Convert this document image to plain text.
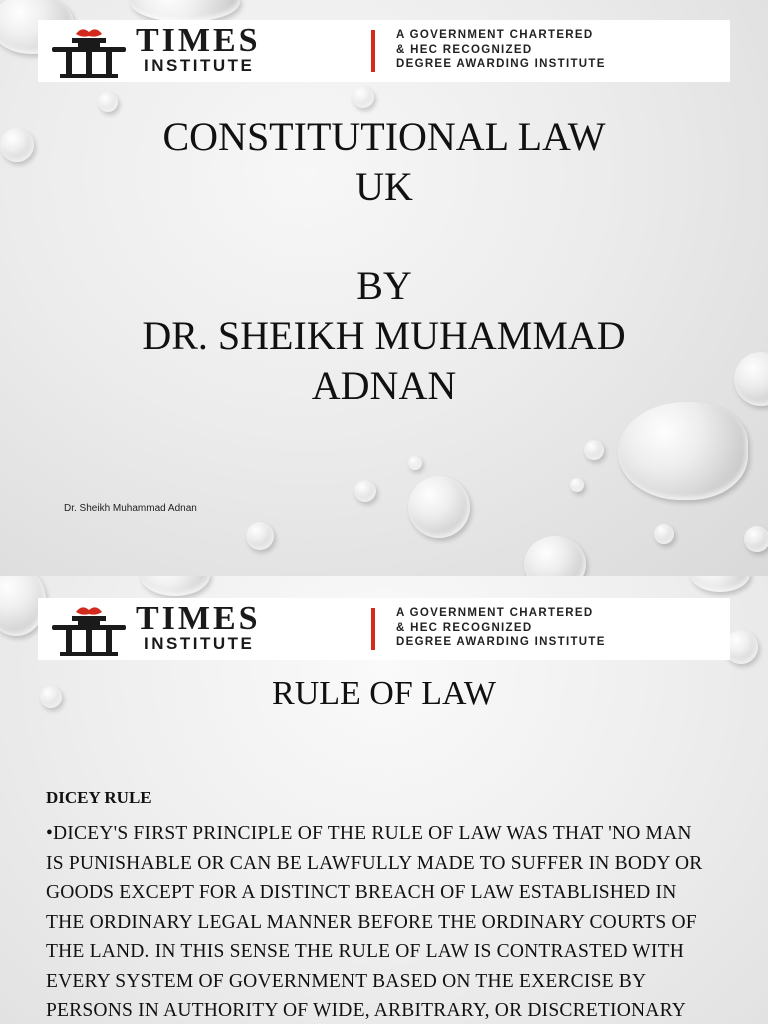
TIMES
INSTITUTE
A GOVERNMENT CHARTERED
& HEC RECOGNIZED
DEGREE AWARDING INSTITUTE
CONSTITUTIONAL LAW
UK
BY
DR. SHEIKH MUHAMMAD
ADNAN
Dr. Sheikh Muhammad Adnan
TIMES
INSTITUTE
A GOVERNMENT CHARTERED
& HEC RECOGNIZED
DEGREE AWARDING INSTITUTE
RULE OF LAW
DICEY RULE
•DICEY'S FIRST PRINCIPLE OF THE RULE OF LAW WAS THAT 'NO MAN
IS PUNISHABLE OR CAN BE LAWFULLY MADE TO SUFFER IN BODY OR
GOODS EXCEPT FOR A DISTINCT BREACH OF LAW ESTABLISHED IN
THE ORDINARY LEGAL MANNER BEFORE THE ORDINARY COURTS OF
THE LAND. IN THIS SENSE THE RULE OF LAW IS CONTRASTED WITH
EVERY SYSTEM OF GOVERNMENT BASED ON THE EXERCISE BY
PERSONS IN AUTHORITY OF WIDE, ARBITRARY, OR DISCRETIONARY
